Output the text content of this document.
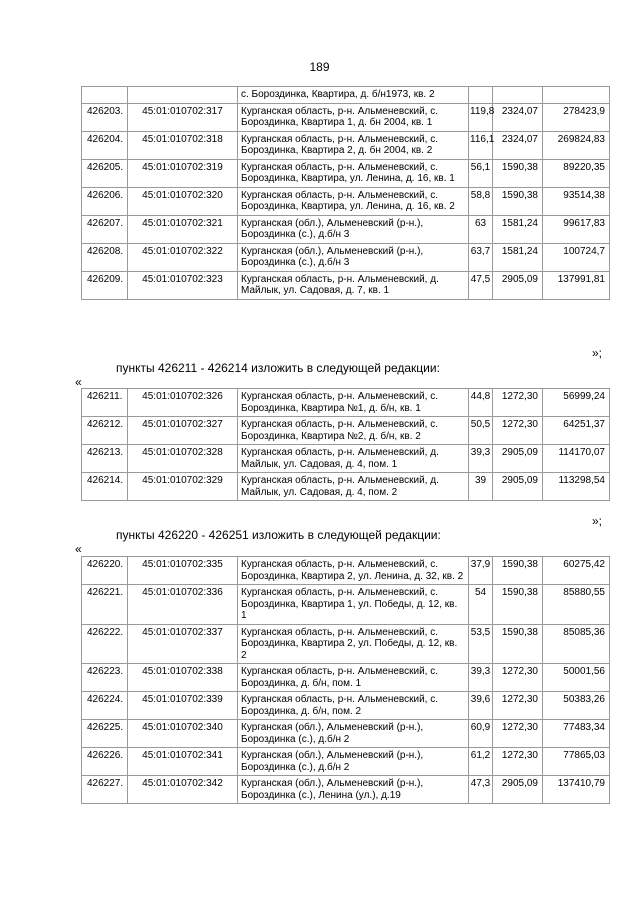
189
		с. Бороздинка, Квартира, д. б/н1973, кв. 2			
426203.	45:01:010702:317	Курганская область, р-н. Альменевский, с. Бороздинка, Квартира 1, д. бн 2004, кв. 1	119,8	2324,07	278423,9
426204.	45:01:010702:318	Курганская область, р-н. Альменевский, с. Бороздинка, Квартира 2, д. бн 2004, кв. 2	116,1	2324,07	269824,83
426205.	45:01:010702:319	Курганская область, р-н. Альменевский, с. Бороздинка, Квартира, ул. Ленина, д. 16, кв. 1	56,1	1590,38	89220,35
426206.	45:01:010702:320	Курганская область, р-н. Альменевский, с. Бороздинка, Квартира, ул. Ленина, д. 16, кв. 2	58,8	1590,38	93514,38
426207.	45:01:010702:321	Курганская (обл.), Альменевский (р-н.), Бороздинка (с.), д.б/н 3	63	1581,24	99617,83
426208.	45:01:010702:322	Курганская (обл.), Альменевский (р-н.), Бороздинка (с.), д.б/н 3	63,7	1581,24	100724,7
426209.	45:01:010702:323	Курганская область, р-н. Альменевский, д. Майлык, ул. Садовая, д. 7, кв. 1	47,5	2905,09	137991,81
»;
пункты 426211 - 426214 изложить в следующей редакции:
«
426211.	45:01:010702:326	Курганская область, р-н. Альменевский, с. Бороздинка, Квартира №1, д. б/н, кв. 1	44,8	1272,30	56999,24
426212.	45:01:010702:327	Курганская область, р-н. Альменевский, с. Бороздинка, Квартира №2, д. б/н, кв. 2	50,5	1272,30	64251,37
426213.	45:01:010702:328	Курганская область, р-н. Альменевский, д. Майлык, ул. Садовая, д. 4, пом. 1	39,3	2905,09	114170,07
426214.	45:01:010702:329	Курганская область, р-н. Альменевский, д. Майлык, ул. Садовая, д. 4, пом. 2	39	2905,09	113298,54
»;
пункты 426220 - 426251 изложить в следующей редакции:
«
426220.	45:01:010702:335	Курганская область, р-н. Альменевский, с. Бороздинка, Квартира 2, ул. Ленина, д. 32, кв. 2	37,9	1590,38	60275,42
426221.	45:01:010702:336	Курганская область, р-н. Альменевский, с. Бороздинка, Квартира 1, ул. Победы, д. 12, кв. 1	54	1590,38	85880,55
426222.	45:01:010702:337	Курганская область, р-н. Альменевский, с. Бороздинка, Квартира 2, ул. Победы, д. 12, кв. 2	53,5	1590,38	85085,36
426223.	45:01:010702:338	Курганская область, р-н. Альменевский, с. Бороздинка, д. б/н, пом. 1	39,3	1272,30	50001,56
426224.	45:01:010702:339	Курганская область, р-н. Альменевский, с. Бороздинка, д. б/н, пом. 2	39,6	1272,30	50383,26
426225.	45:01:010702:340	Курганская (обл.), Альменевский (р-н.), Бороздинка (с.), д.б/н 2	60,9	1272,30	77483,34
426226.	45:01:010702:341	Курганская (обл.), Альменевский (р-н.), Бороздинка (с.), д.б/н 2	61,2	1272,30	77865,03
426227.	45:01:010702:342	Курганская (обл.), Альменевский (р-н.), Бороздинка (с.), Ленина (ул.), д.19	47,3	2905,09	137410,79
